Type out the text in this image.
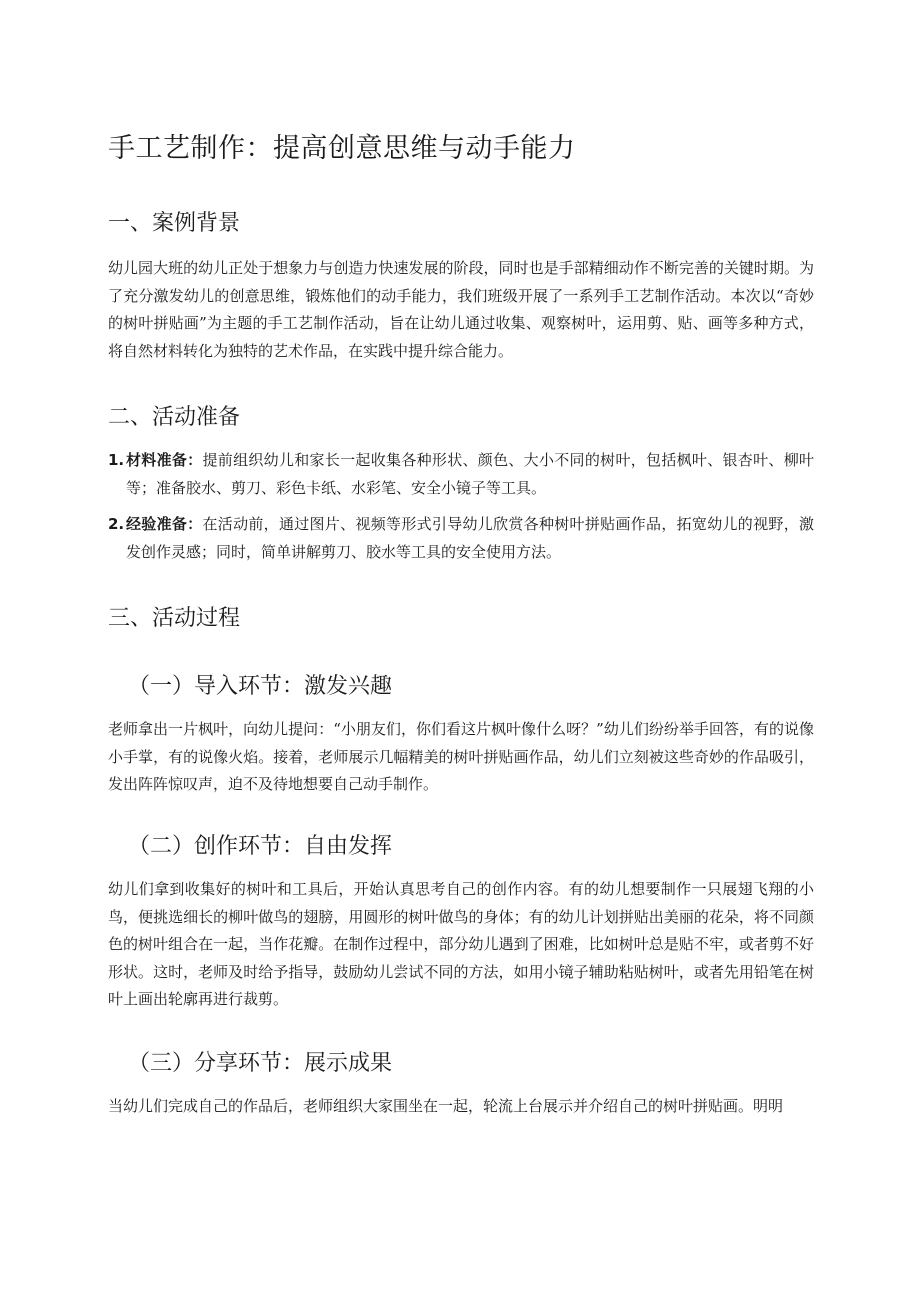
手工艺制作：提高创意思维与动手能力
一、案例背景

幼儿园大班的幼儿正处于想象力与创造力快速发展的阶段，同时也是手部精细动作不断完善的关键时期。为了充分激发幼儿的创意思维，锻炼他们的动手能力，我们班级开展了一系列手工艺制作活动。本次以“奇妙的树叶拼贴画”为主题的手工艺制作活动，旨在让幼儿通过收集、观察树叶，运用剪、贴、画等多种方式，将自然材料转化为独特的艺术作品，在实践中提升综合能力。

二、活动准备
1. 材料准备：提前组织幼儿和家长一起收集各种形状、颜色、大小不同的树叶，包括枫叶、银杏叶、柳叶等；准备胶水、剪刀、彩色卡纸、水彩笔、安全小镜子等工具。
2. 经验准备：在活动前，通过图片、视频等形式引导幼儿欣赏各种树叶拼贴画作品，拓宽幼儿的视野，激发创作灵感；同时，简单讲解剪刀、胶水等工具的安全使用方法。
三、活动过程
（一）导入环节：激发兴趣

老师拿出一片枫叶，向幼儿提问：“小朋友们，你们看这片枫叶像什么呀？”幼儿们纷纷举手回答，有的说像小手掌，有的说像火焰。接着，老师展示几幅精美的树叶拼贴画作品，幼儿们立刻被这些奇妙的作品吸引，发出阵阵惊叹声，迫不及待地想要自己动手制作。

（二）创作环节：自由发挥

幼儿们拿到收集好的树叶和工具后，开始认真思考自己的创作内容。有的幼儿想要制作一只展翅飞翔的小鸟，便挑选细长的柳叶做鸟的翅膀，用圆形的树叶做鸟的身体；有的幼儿计划拼贴出美丽的花朵，将不同颜色的树叶组合在一起，当作花瓣。在制作过程中，部分幼儿遇到了困难，比如树叶总是贴不牢，或者剪不好形状。这时，老师及时给予指导，鼓励幼儿尝试不同的方法，如用小镜子辅助粘贴树叶，或者先用铅笔在树叶上画出轮廓再进行裁剪。

（三）分享环节：展示成果

当幼儿们完成自己的作品后，老师组织大家围坐在一起，轮流上台展示并介绍自己的树叶拼贴画。明明
